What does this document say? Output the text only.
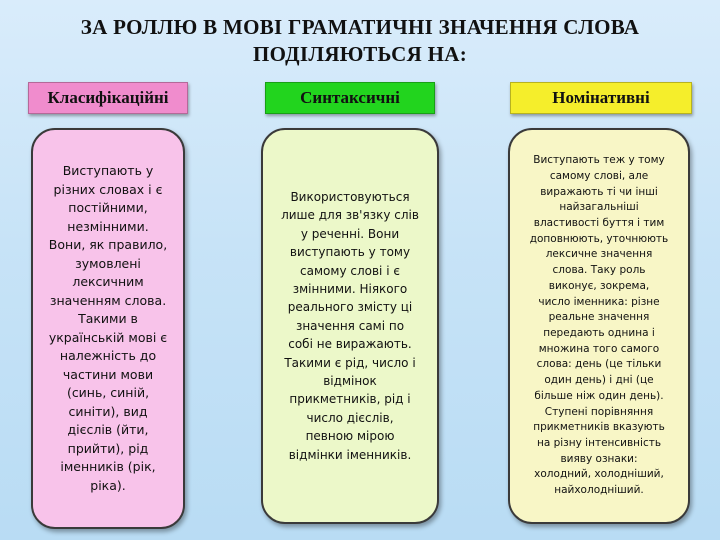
ЗА РОЛЛЮ В МОВІ ГРАМАТИЧНІ ЗНАЧЕННЯ СЛОВА
ПОДІЛЯЮТЬСЯ НА:
Класифікаційні	Синтаксичні	Номінативні
Виступають у
різних словах і є
постійними,
незмінними.
Вони, як правило,
зумовлені
лексичним
значенням слова.
Такими в
українській мові є
належність до
частини мови
(синь, синій,
синіти), вид
дієслів (йти,
прийти), рід
іменників (рік,
ріка).
Використовуються
лише для зв'язку слів
у реченні. Вони
виступають у тому
самому слові і є
змінними. Ніякого
реального змісту ці
значення самі по
собі не виражають.
Такими є рід, число і
відмінок
прикметників, рід і
число дієслів,
певною мірою
відмінки іменників.
Виступають теж у тому
самому слові, але
виражають ті чи інші
найзагальніші
властивості буття і тим
доповнюють, уточнюють
лексичне значення
слова. Таку роль
виконує, зокрема,
число іменника: різне
реальне значення
передають однина і
множина того самого
слова: день (це тільки
один день) і дні (це
більше ніж один день).
Ступені порівняння
прикметників вказують
на різну інтенсивність
вияву ознаки:
холодний, холодніший,
найхолодніший.
